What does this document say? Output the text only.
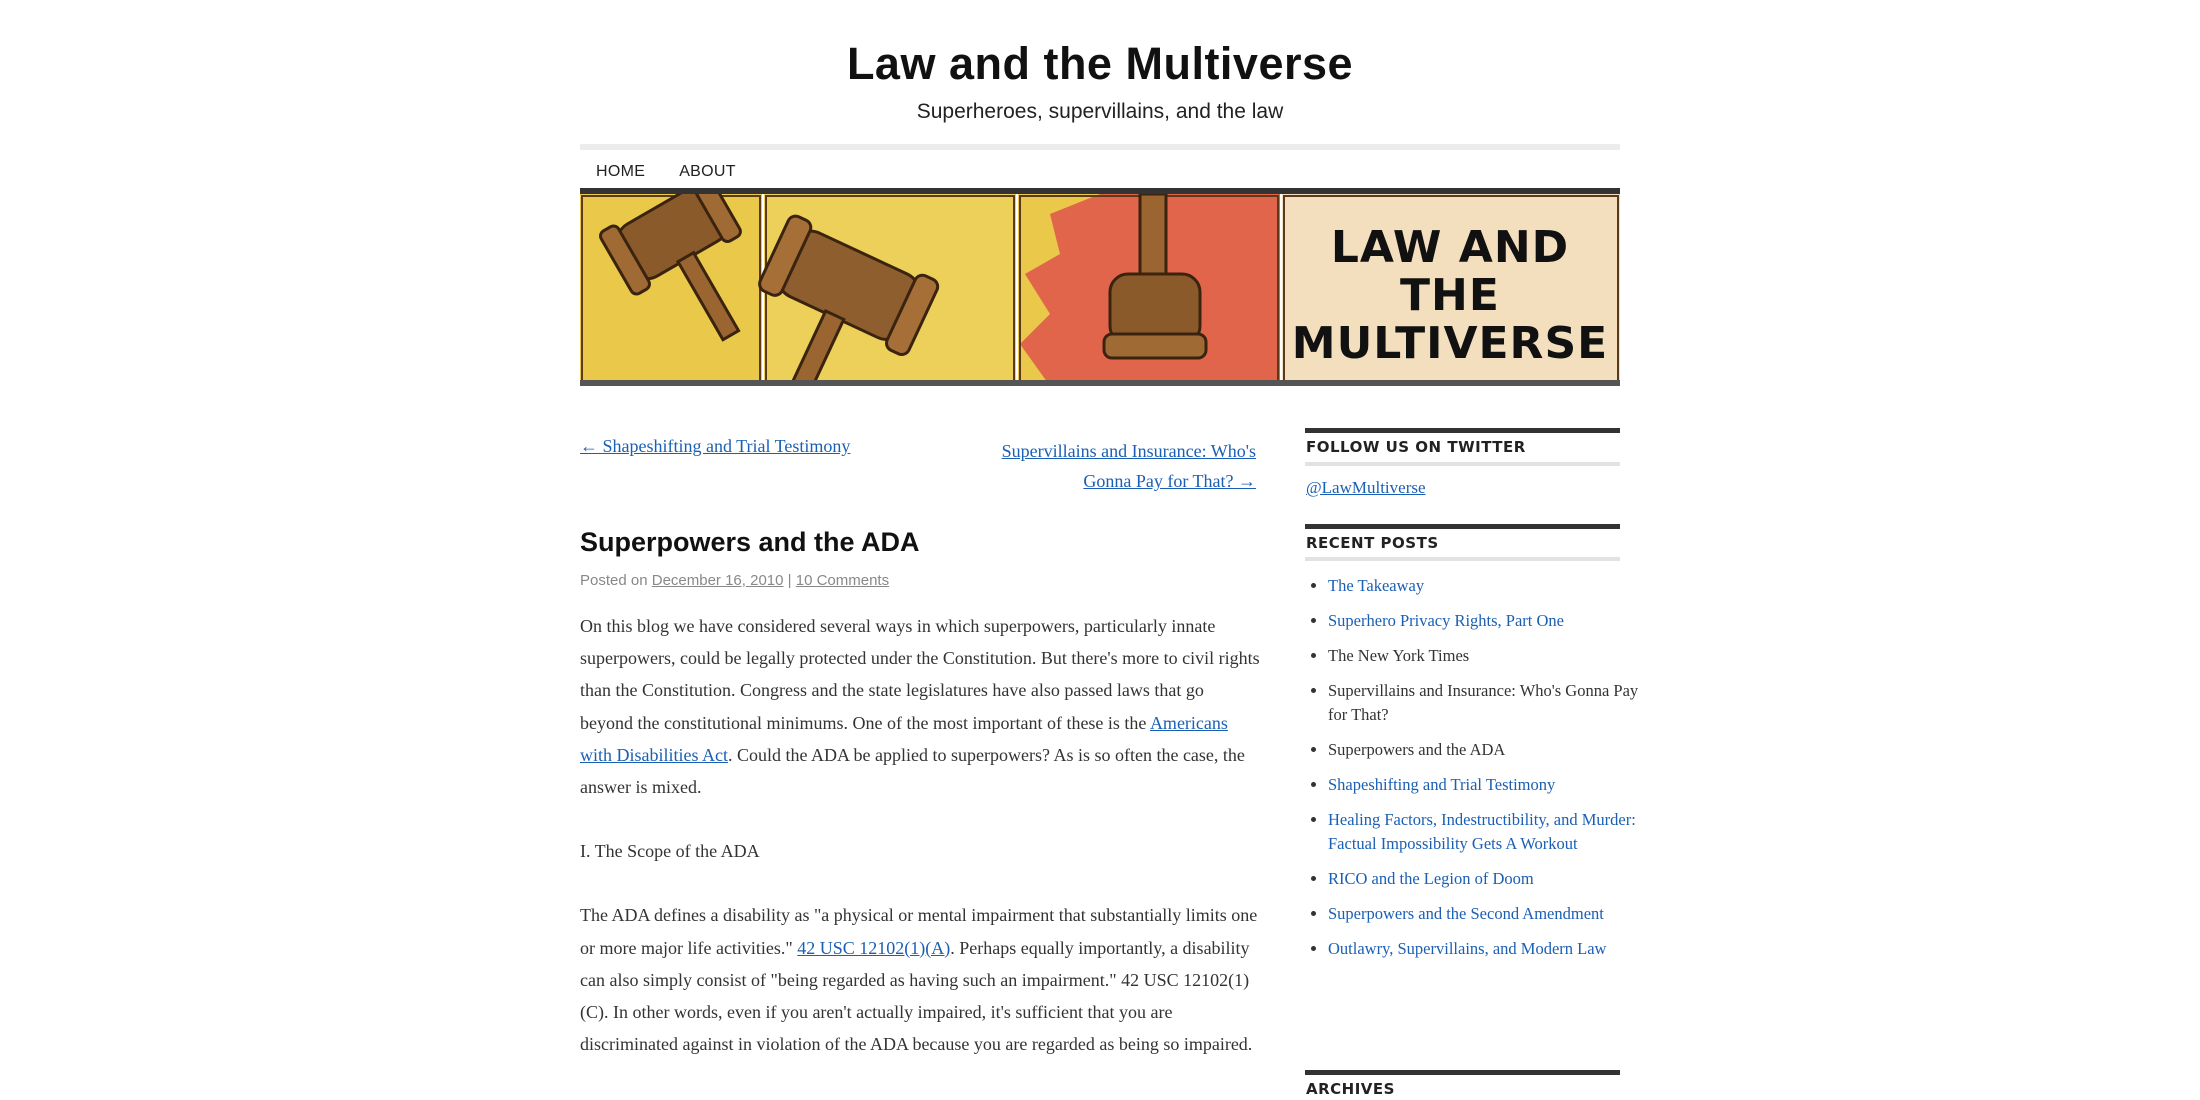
Law and the Multiverse
Superheroes, supervillains, and the law
HOME ABOUT
LAW AND THE
MULTIVERSE
← Shapeshifting and Trial Testimony	Supervillains and Insurance: Who's
Gonna Pay for That? →
Superpowers and the ADA
Posted on December 16, 2010 | 10 Comments

On this blog we have considered several ways in which superpowers, particularly innate superpowers, could be legally protected under the Constitution. But there's more to civil rights than the Constitution. Congress and the state legislatures have also passed laws that go beyond the constitutional minimums. One of the most important of these is the Americans with Disabilities Act. Could the ADA be applied to superpowers? As is so often the case, the answer is mixed.

I. The Scope of the ADA

The ADA defines a disability as "a physical or mental impairment that substantially limits one or more major life activities." 42 USC 12102(1)(A). Perhaps equally importantly, a disability can also simply consist of "being regarded as having such an impairment." 42 USC 12102(1)(C). In other words, even if you aren't actually impaired, it's sufficient that you are discriminated against in violation of the ADA because you are regarded as being so impaired.

FOLLOW US ON TWITTER
@LawMultiverse
RECENT POSTS
• The Takeaway
• Superhero Privacy Rights, Part One
• The New York Times
• Supervillains and Insurance: Who's Gonna Pay for That?
• Superpowers and the ADA
• Shapeshifting and Trial Testimony
• Healing Factors, Indestructibility, and Murder: Factual Impossibility Gets A Workout
• RICO and the Legion of Doom
• Superpowers and the Second Amendment
• Outlawry, Supervillains, and Modern Law
ARCHIVES
